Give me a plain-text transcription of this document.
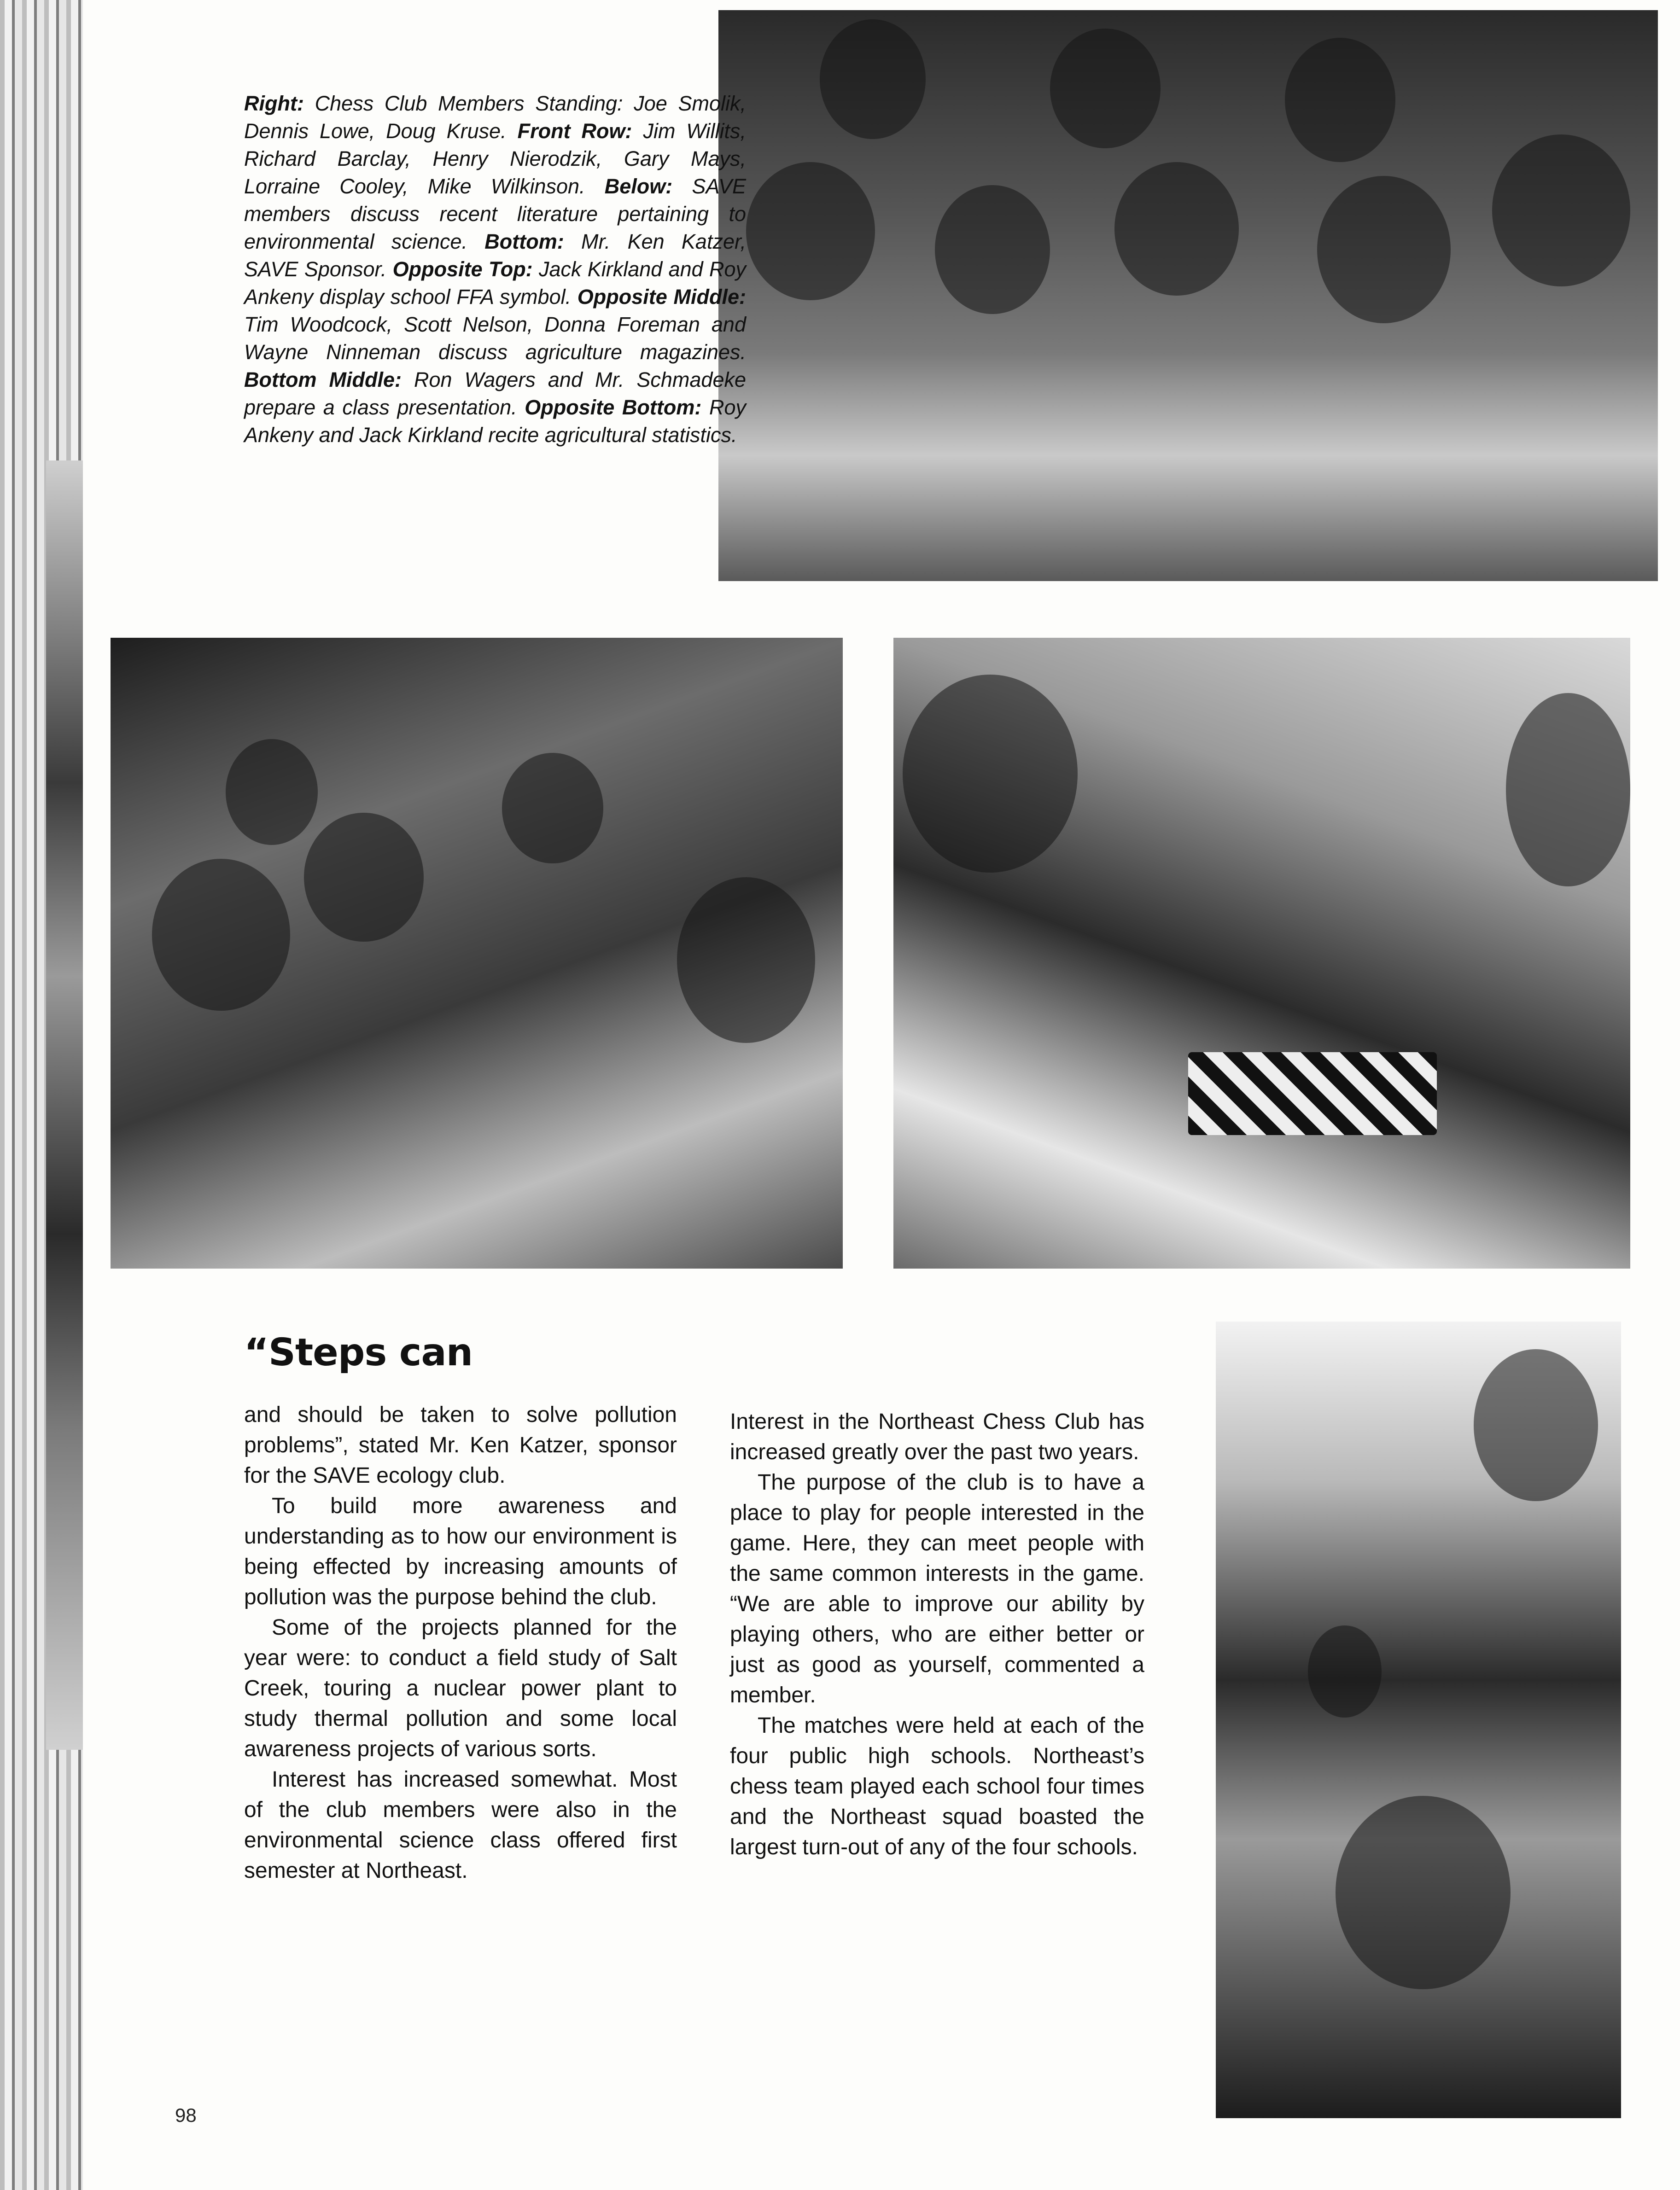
Right: Chess Club Members Standing: Joe Smolik, Dennis Lowe, Doug Kruse. Front Row: Jim Willits, Richard Barclay, Henry Nierodzik, Gary Mays, Lorraine Cooley, Mike Wilkinson. Below: SAVE members discuss recent literature pertaining to environmental science. Bottom: Mr. Ken Katzer, SAVE Sponsor. Opposite Top: Jack Kirkland and Roy Ankeny display school FFA symbol. Opposite Middle: Tim Woodcock, Scott Nelson, Donna Foreman and Wayne Ninneman discuss agriculture magazines. Bottom Middle: Ron Wagers and Mr. Schmadeke prepare a class presentation. Opposite Bottom: Roy Ankeny and Jack Kirkland recite agricultural statistics.
“Steps can

and should be taken to solve pollution problems”, stated Mr. Ken Katzer, sponsor for the SAVE ecology club.

To build more awareness and understanding as to how our environment is being effected by increasing amounts of pollution was the purpose behind the club.

Some of the projects planned for the year were: to conduct a field study of Salt Creek, touring a nuclear power plant to study thermal pollution and some local awareness projects of various sorts.

Interest has increased somewhat. Most of the club members were also in the environmental science class offered first semester at Northeast.

Interest in the Northeast Chess Club has increased greatly over the past two years.

The purpose of the club is to have a place to play for people interested in the game. Here, they can meet people with the same common interests in the game. “We are able to improve our ability by playing others, who are either better or just as good as yourself, commented a member.

The matches were held at each of the four public high schools. Northeast’s chess team played each school four times and the Northeast squad boasted the largest turn-out of any of the four schools.

98
